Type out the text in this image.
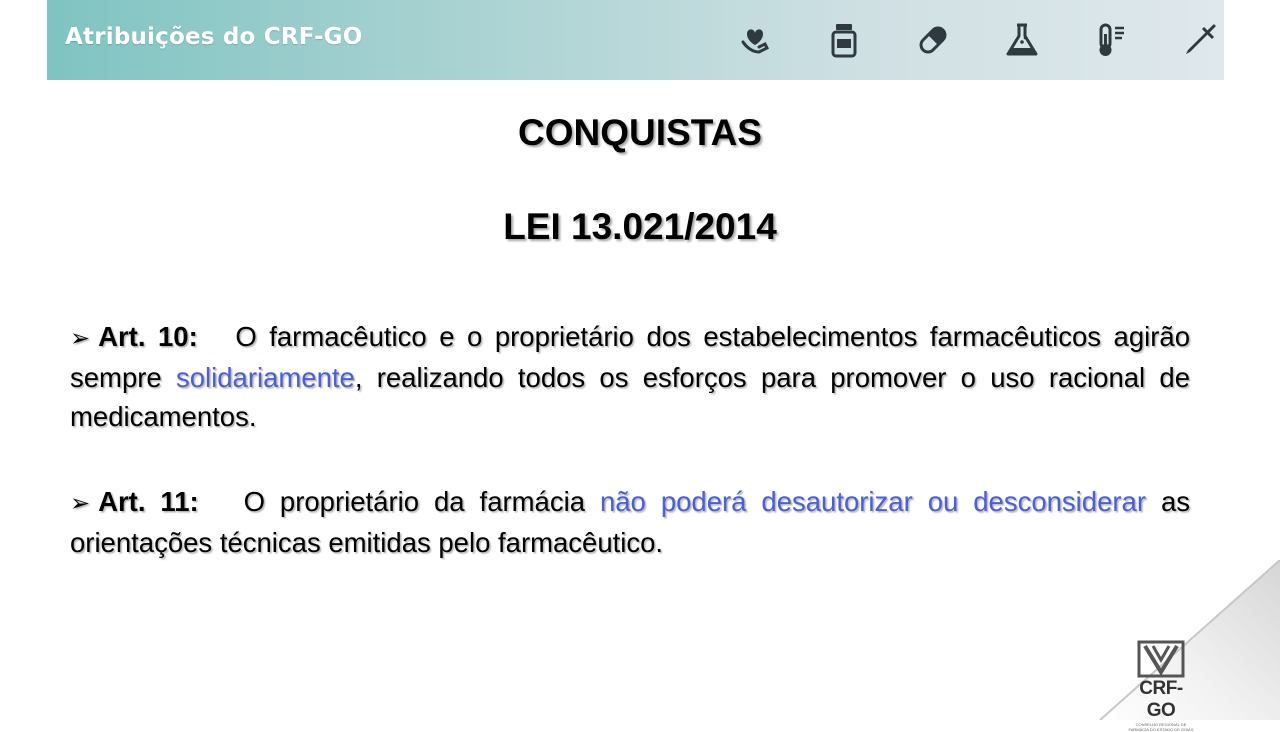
Atribuições do CRF-GO
CONQUISTAS
LEI 13.021/2014
➢ Art. 10: O farmacêutico e o proprietário dos estabelecimentos farmacêuticos agirão sempre solidariamente, realizando todos os esforços para promover o uso racional de medicamentos.
➢ Art. 11: O proprietário da farmácia não poderá desautorizar ou desconsiderar as orientações técnicas emitidas pelo farmacêutico.
CRF-GO
CONSELHO REGIONAL DE FARMÁCIA DO ESTADO DE GOIÁS
